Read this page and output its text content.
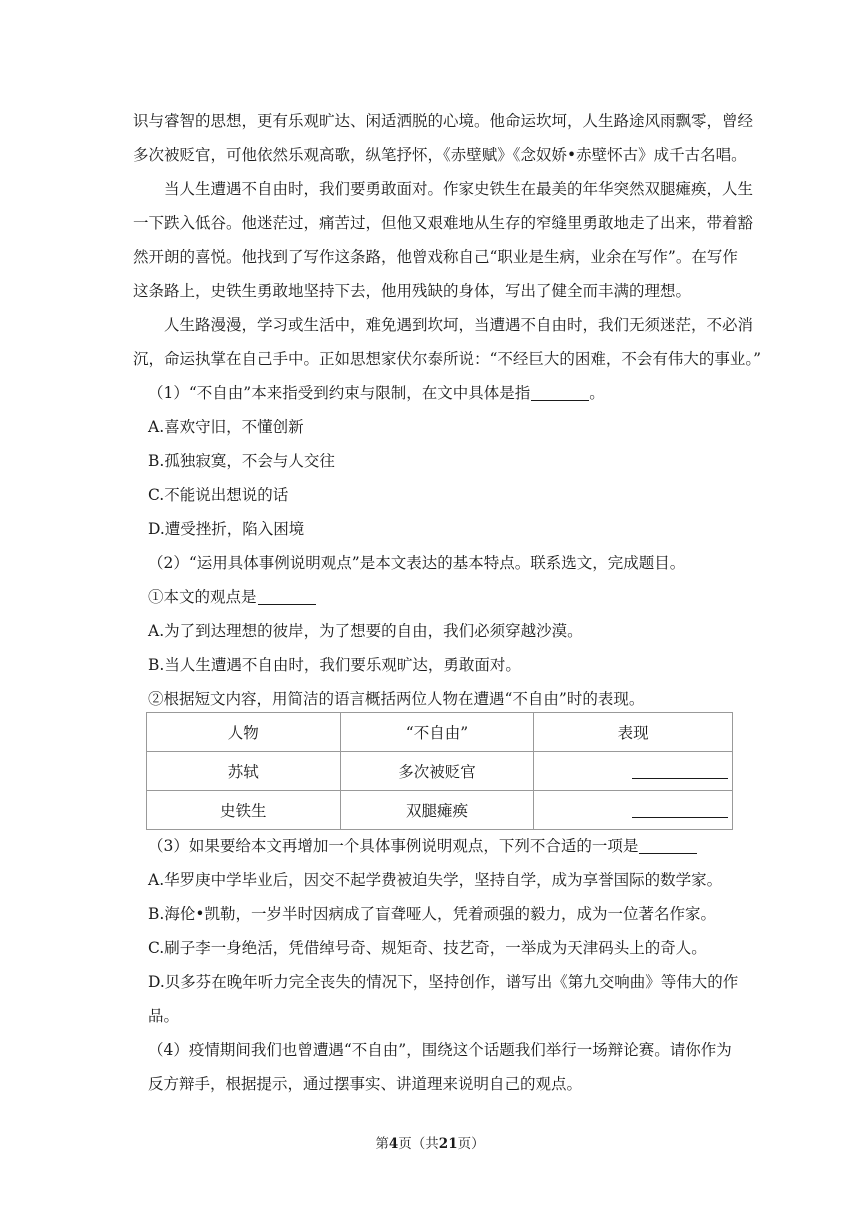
识与睿智的思想，更有乐观旷达、闲适洒脱的心境。他命运坎坷，人生路途风雨飘零，曾经
多次被贬官，可他依然乐观高歌，纵笔抒怀，《赤壁赋》《念奴娇•赤壁怀古》成千古名唱。
当人生遭遇不自由时，我们要勇敢面对。作家史铁生在最美的年华突然双腿瘫痪，人生
一下跌入低谷。他迷茫过，痛苦过，但他又艰难地从生存的窄缝里勇敢地走了出来，带着豁
然开朗的喜悦。他找到了写作这条路，他曾戏称自己“职业是生病，业余在写作”。在写作
这条路上，史铁生勇敢地坚持下去，他用残缺的身体，写出了健全而丰满的理想。
人生路漫漫，学习或生活中，难免遇到坎坷，当遭遇不自由时，我们无须迷茫，不必消
沉，命运执掌在自己手中。正如思想家伏尔泰所说：“不经巨大的困难，不会有伟大的事业。”
（1）“不自由”本来指受到约束与限制，在文中具体是指	。
A.喜欢守旧，不懂创新
B.孤独寂寞，不会与人交往
C.不能说出想说的话
D.遭受挫折，陷入困境
（2）“运用具体事例说明观点”是本文表达的基本特点。联系选文，完成题目。
①本文的观点是
A.为了到达理想的彼岸，为了想要的自由，我们必须穿越沙漠。
B.当人生遭遇不自由时，我们要乐观旷达，勇敢面对。
②根据短文内容，用简洁的语言概括两位人物在遭遇“不自由”时的表现。
人物	“不自由”	表现
苏轼	多次被贬官	
史铁生	双腿瘫痪	
（3）如果要给本文再增加一个具体事例说明观点，下列不合适的一项是
A.华罗庚中学毕业后，因交不起学费被迫失学，坚持自学，成为享誉国际的数学家。
B.海伦•凯勒，一岁半时因病成了盲聋哑人，凭着顽强的毅力，成为一位著名作家。
C.刷子李一身绝活，凭借绰号奇、规矩奇、技艺奇，一举成为天津码头上的奇人。
D.贝多芬在晚年听力完全丧失的情况下，坚持创作，谱写出《第九交响曲》等伟大的作
品。
（4）疫情期间我们也曾遭遇“不自由”，围绕这个话题我们举行一场辩论赛。请你作为
反方辩手，根据提示，通过摆事实、讲道理来说明自己的观点。
第4页（共21页）
